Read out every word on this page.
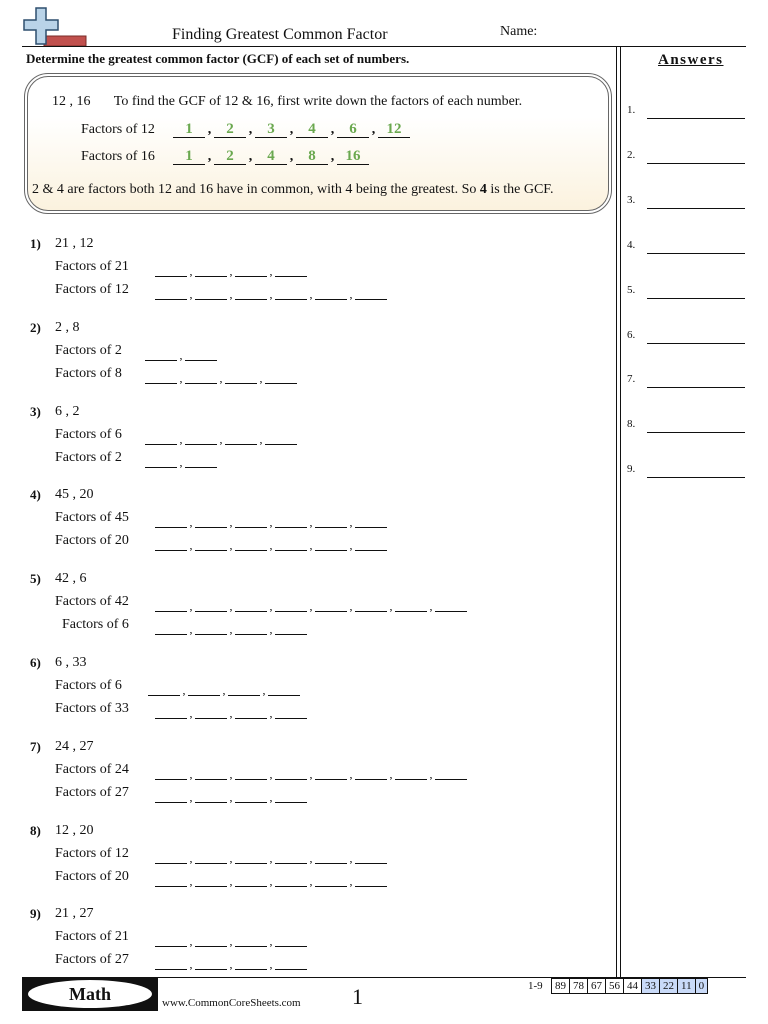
Finding Greatest Common Factor	Name:
Determine the greatest common factor (GCF) of each set of numbers.
12 , 16 To find the GCF of 12 & 16, first write down the factors of each number.
Factors of 12	1 , 2 , 3 , 4 , 6 , 12
Factors of 16	1 , 2 , 4 , 8 , 16
2 & 4 are factors both 12 and 16 have in common, with 4 being the greatest. So 4 is the GCF.
1) 21 , 12
Factors of 21	,	,	,
Factors of 12	,	,	,	,	,
2) 2 , 8
Factors of 2	,
Factors of 8	,	,	,
3) 6 , 2
Factors of 6	,	,	,
Factors of 2	,
4) 45 , 20
Factors of 45	,	,	,	,	,
Factors of 20	,	,	,	,	,
5) 42 , 6
Factors of 42	,	,	,	,	,	,	,
Factors of 6	,	,	,
6) 6 , 33
Factors of 6	,	,	,
Factors of 33	,	,	,
7) 24 , 27
Factors of 24	,	,	,	,	,	,	,
Factors of 27	,	,	,
8) 12 , 20
Factors of 12	,	,	,	,	,
Factors of 20	,	,	,	,	,
9) 21 , 27
Factors of 21	,	,	,
Factors of 27	,	,	,
Answers
1.
2.
3.
4.
5.
6.
7.
8.
9.
Math	www.CommonCoreSheets.com 1	1-9	89 78 67 56 44 33 22 11 0
